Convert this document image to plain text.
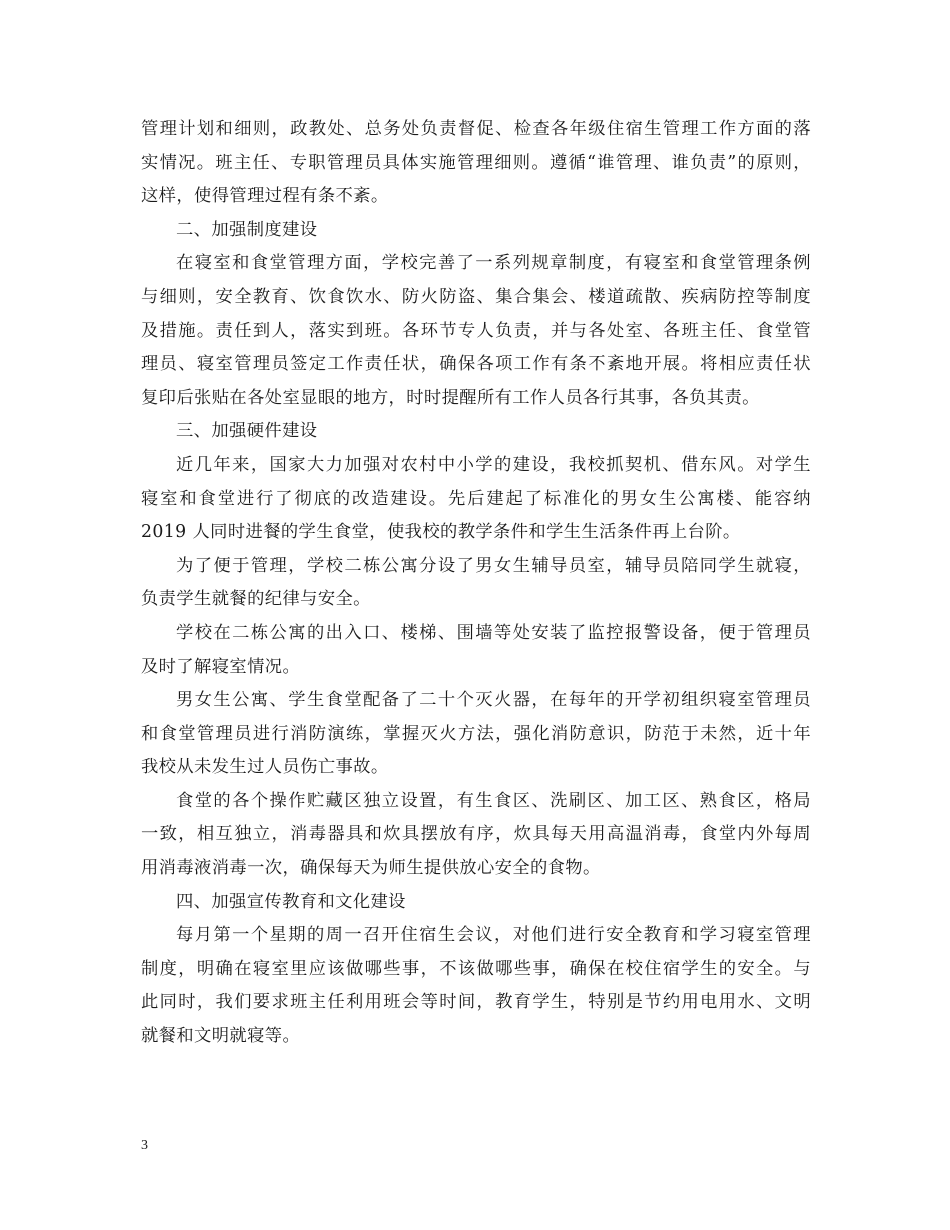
管理计划和细则，政教处、总务处负责督促、检查各年级住宿生管理工作方面的落
实情况。班主任、专职管理员具体实施管理细则。遵循“谁管理、谁负责”的原则，
这样，使得管理过程有条不紊。
二、加强制度建设
在寝室和食堂管理方面，学校完善了一系列规章制度，有寝室和食堂管理条例
与细则，安全教育、饮食饮水、防火防盗、集合集会、楼道疏散、疾病防控等制度
及措施。责任到人，落实到班。各环节专人负责，并与各处室、各班主任、食堂管
理员、寝室管理员签定工作责任状，确保各项工作有条不紊地开展。将相应责任状
复印后张贴在各处室显眼的地方，时时提醒所有工作人员各行其事，各负其责。
三、加强硬件建设
近几年来，国家大力加强对农村中小学的建设，我校抓契机、借东风。对学生
寝室和食堂进行了彻底的改造建设。先后建起了标准化的男女生公寓楼、能容纳
2019 人同时进餐的学生食堂，使我校的教学条件和学生生活条件再上台阶。
为了便于管理，学校二栋公寓分设了男女生辅导员室，辅导员陪同学生就寝，
负责学生就餐的纪律与安全。
学校在二栋公寓的出入口、楼梯、围墙等处安装了监控报警设备，便于管理员
及时了解寝室情况。
男女生公寓、学生食堂配备了二十个灭火器，在每年的开学初组织寝室管理员
和食堂管理员进行消防演练，掌握灭火方法，强化消防意识，防范于未然，近十年
我校从未发生过人员伤亡事故。
食堂的各个操作贮藏区独立设置，有生食区、洗刷区、加工区、熟食区，格局
一致，相互独立，消毒器具和炊具摆放有序，炊具每天用高温消毒，食堂内外每周
用消毒液消毒一次，确保每天为师生提供放心安全的食物。
四、加强宣传教育和文化建设
每月第一个星期的周一召开住宿生会议，对他们进行安全教育和学习寝室管理
制度，明确在寝室里应该做哪些事，不该做哪些事，确保在校住宿学生的安全。与
此同时，我们要求班主任利用班会等时间，教育学生，特别是节约用电用水、文明
就餐和文明就寝等。
3
